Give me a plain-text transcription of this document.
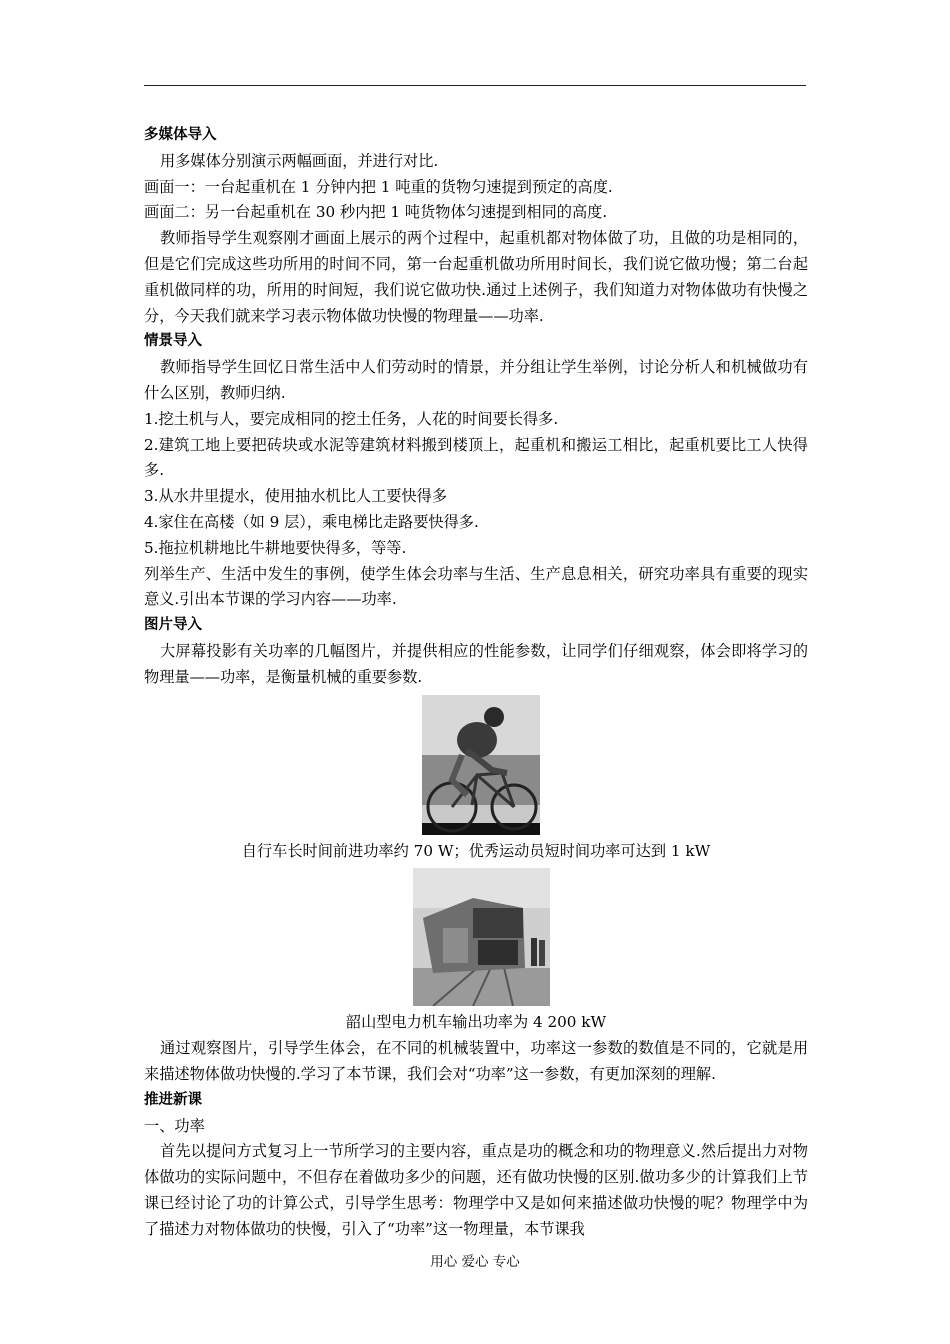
多媒体导入

用多媒体分别演示两幅画面，并进行对比.

画面一：一台起重机在 1 分钟内把 1 吨重的货物匀速提到预定的高度.

画面二：另一台起重机在 30 秒内把 1 吨货物体匀速提到相同的高度.

教师指导学生观察刚才画面上展示的两个过程中，起重机都对物体做了功，且做的功是相同的，但是它们完成这些功所用的时间不同，第一台起重机做功所用时间长，我们说它做功慢；第二台起重机做同样的功，所用的时间短，我们说它做功快.通过上述例子，我们知道力对物体做功有快慢之分，今天我们就来学习表示物体做功快慢的物理量——功率.

情景导入

教师指导学生回忆日常生活中人们劳动时的情景，并分组让学生举例，讨论分析人和机械做功有什么区别，教师归纳.

1.挖土机与人，要完成相同的挖土任务，人花的时间要长得多.

2.建筑工地上要把砖块或水泥等建筑材料搬到楼顶上，起重机和搬运工相比，起重机要比工人快得多.

3.从水井里提水，使用抽水机比人工要快得多

4.家住在高楼（如 9 层），乘电梯比走路要快得多.

5.拖拉机耕地比牛耕地要快得多，等等.

列举生产、生活中发生的事例，使学生体会功率与生活、生产息息相关，研究功率具有重要的现实意义.引出本节课的学习内容——功率.

图片导入

大屏幕投影有关功率的几幅图片，并提供相应的性能参数，让同学们仔细观察，体会即将学习的物理量——功率，是衡量机械的重要参数.

自行车长时间前进功率约 70 W；优秀运动员短时间功率可达到 1 kW

韶山型电力机车输出功率为 4 200 kW

通过观察图片，引导学生体会，在不同的机械装置中，功率这一参数的数值是不同的，它就是用来描述物体做功快慢的.学习了本节课，我们会对“功率”这一参数，有更加深刻的理解.

推进新课

一、功率

首先以提问方式复习上一节所学习的主要内容，重点是功的概念和功的物理意义.然后提出力对物体做功的实际问题中，不但存在着做功多少的问题，还有做功快慢的区别.做功多少的计算我们上节课已经讨论了功的计算公式，引导学生思考：物理学中又是如何来描述做功快慢的呢？物理学中为了描述力对物体做功的快慢，引入了“功率”这一物理量，本节课我

用心 爱心 专心
